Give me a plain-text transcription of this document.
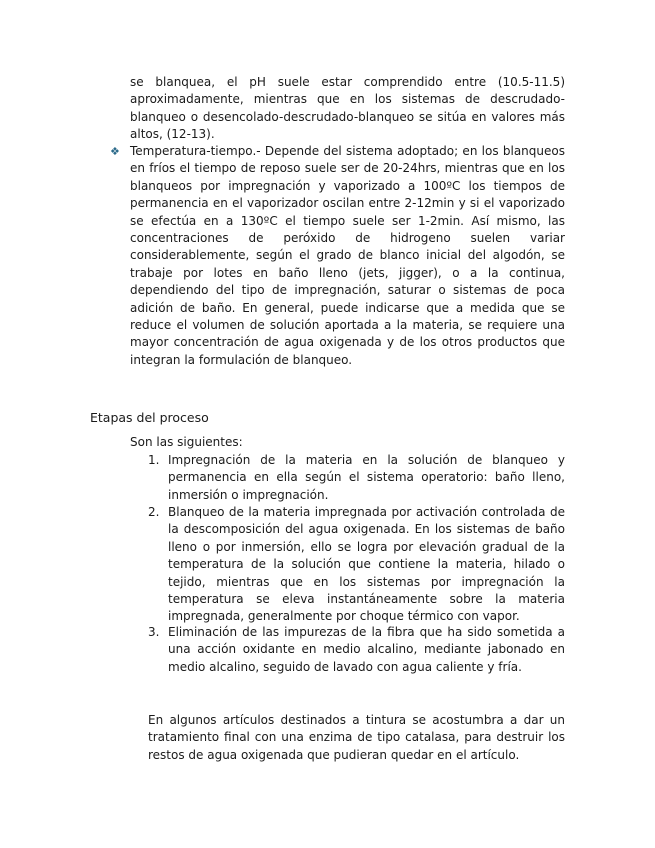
se blanquea, el pH suele estar comprendido entre (10.5-11.5) aproximadamente, mientras que en los sistemas de descrudado-blanqueo o desencolado-descrudado-blanqueo se sitúa en valores más altos, (12-13).

❖ Temperatura-tiempo.- Depende del sistema adoptado; en los blanqueos en fríos el tiempo de reposo suele ser de 20-24hrs, mientras que en los blanqueos por impregnación y vaporizado a 100ºC los tiempos de permanencia en el vaporizador oscilan entre 2-12min y si el vaporizado se efectúa en a 130ºC el tiempo suele ser 1-2min. Así mismo, las concentraciones de peróxido de hidrogeno suelen variar considerablemente, según el grado de blanco inicial del algodón, se trabaje por lotes en baño lleno (jets, jigger), o a la continua, dependiendo del tipo de impregnación, saturar o sistemas de poca adición de baño. En general, puede indicarse que a medida que se reduce el volumen de solución aportada a la materia, se requiere una mayor concentración de agua oxigenada y de los otros productos que integran la formulación de blanqueo.

Etapas del proceso

Son las siguientes:

1. Impregnación de la materia en la solución de blanqueo y permanencia en ella según el sistema operatorio: baño lleno, inmersión o impregnación.

2. Blanqueo de la materia impregnada por activación controlada de la descomposición del agua oxigenada. En los sistemas de baño lleno o por inmersión, ello se logra por elevación gradual de la temperatura de la solución que contiene la materia, hilado o tejido, mientras que en los sistemas por impregnación la temperatura se eleva instantáneamente sobre la materia impregnada, generalmente por choque térmico con vapor.

3. Eliminación de las impurezas de la fibra que ha sido sometida a una acción oxidante en medio alcalino, mediante jabonado en medio alcalino, seguido de lavado con agua caliente y fría.

En algunos artículos destinados a tintura se acostumbra a dar un tratamiento final con una enzima de tipo catalasa, para destruir los restos de agua oxigenada que pudieran quedar en el artículo.
